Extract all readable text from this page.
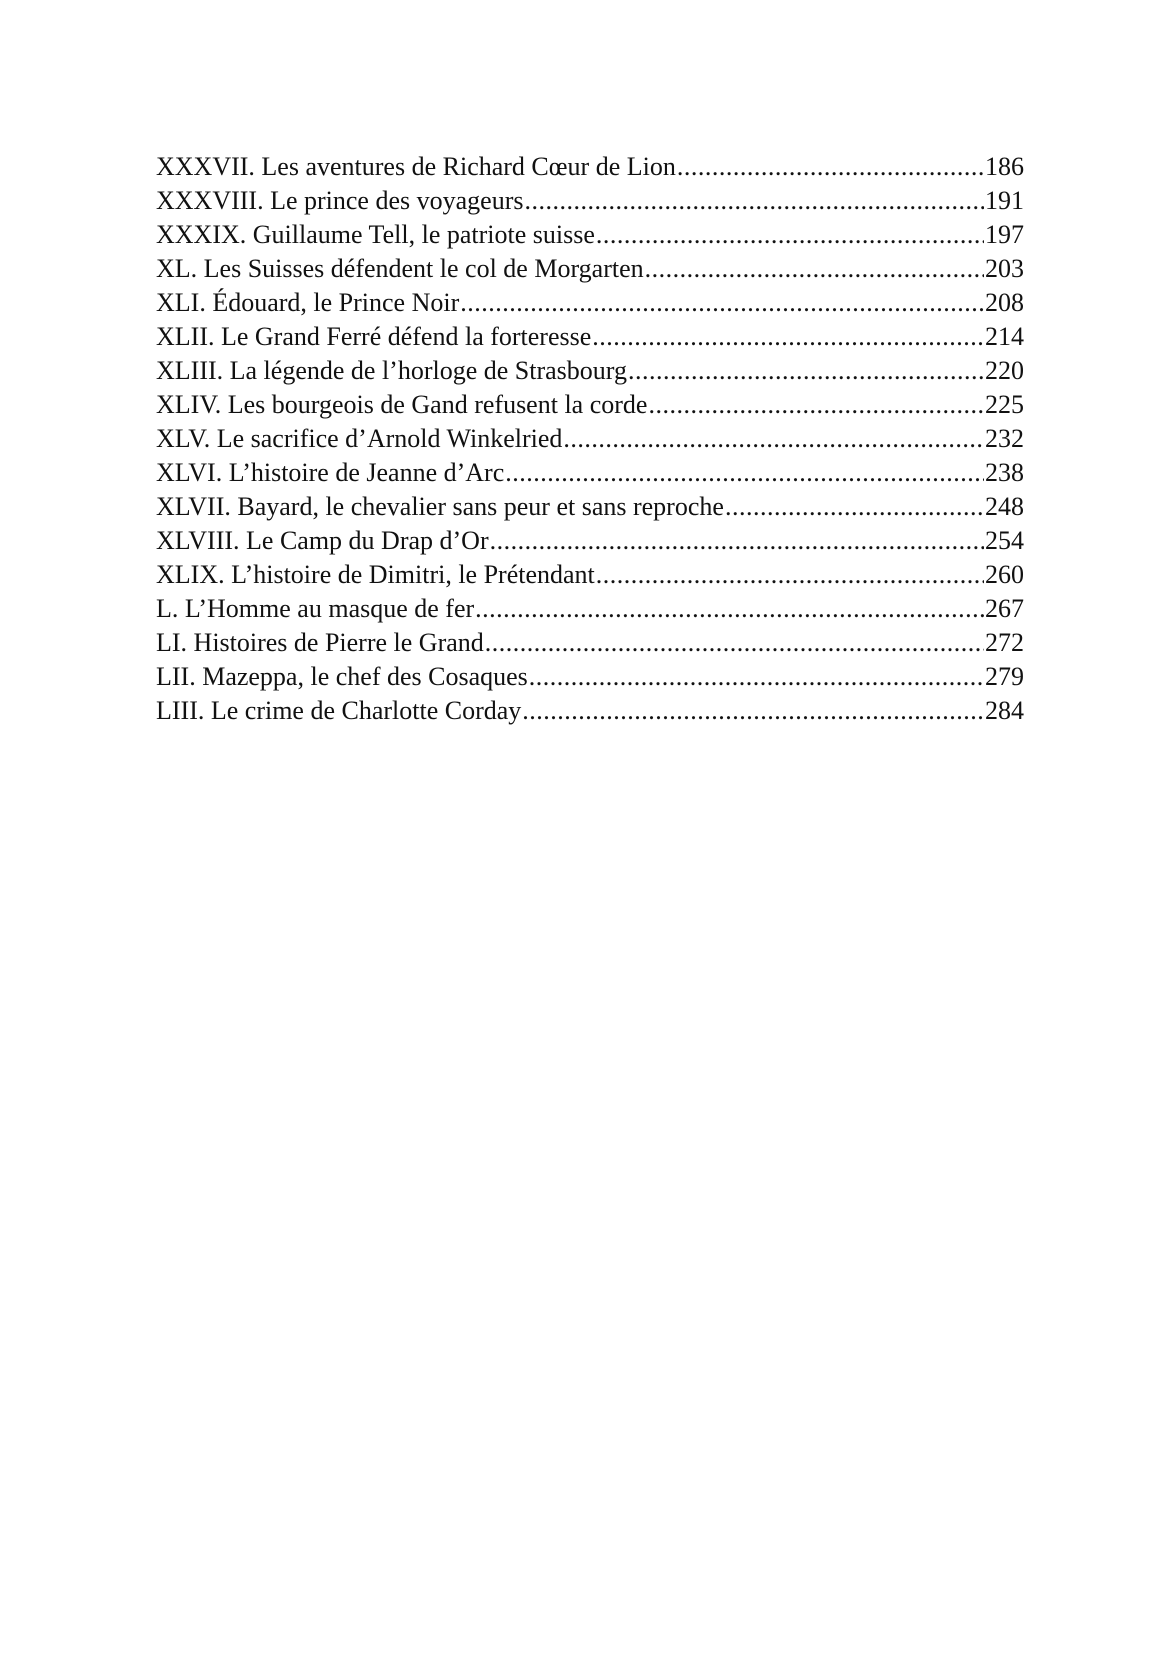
XXXVII. Les aventures de Richard Cœur de Lion .....	186
XXXVIII. Le prince des voyageurs .....	191
XXXIX. Guillaume Tell, le patriote suisse .....	197
XL. Les Suisses défendent le col de Morgarten .....	203
XLI. Édouard, le Prince Noir .....	208
XLII. Le Grand Ferré défend la forteresse .....	214
XLIII. La légende de l’horloge de Strasbourg .....	220
XLIV. Les bourgeois de Gand refusent la corde .....	225
XLV. Le sacrifice d’Arnold Winkelried .....	232
XLVI. L’histoire de Jeanne d’Arc .....	238
XLVII. Bayard, le chevalier sans peur et sans reproche .....	248
XLVIII. Le Camp du Drap d’Or .....	254
XLIX. L’histoire de Dimitri, le Prétendant .....	260
L. L’Homme au masque de fer .....	267
LI. Histoires de Pierre le Grand .....	272
LII. Mazeppa, le chef des Cosaques .....	279
LIII. Le crime de Charlotte Corday .....	284
